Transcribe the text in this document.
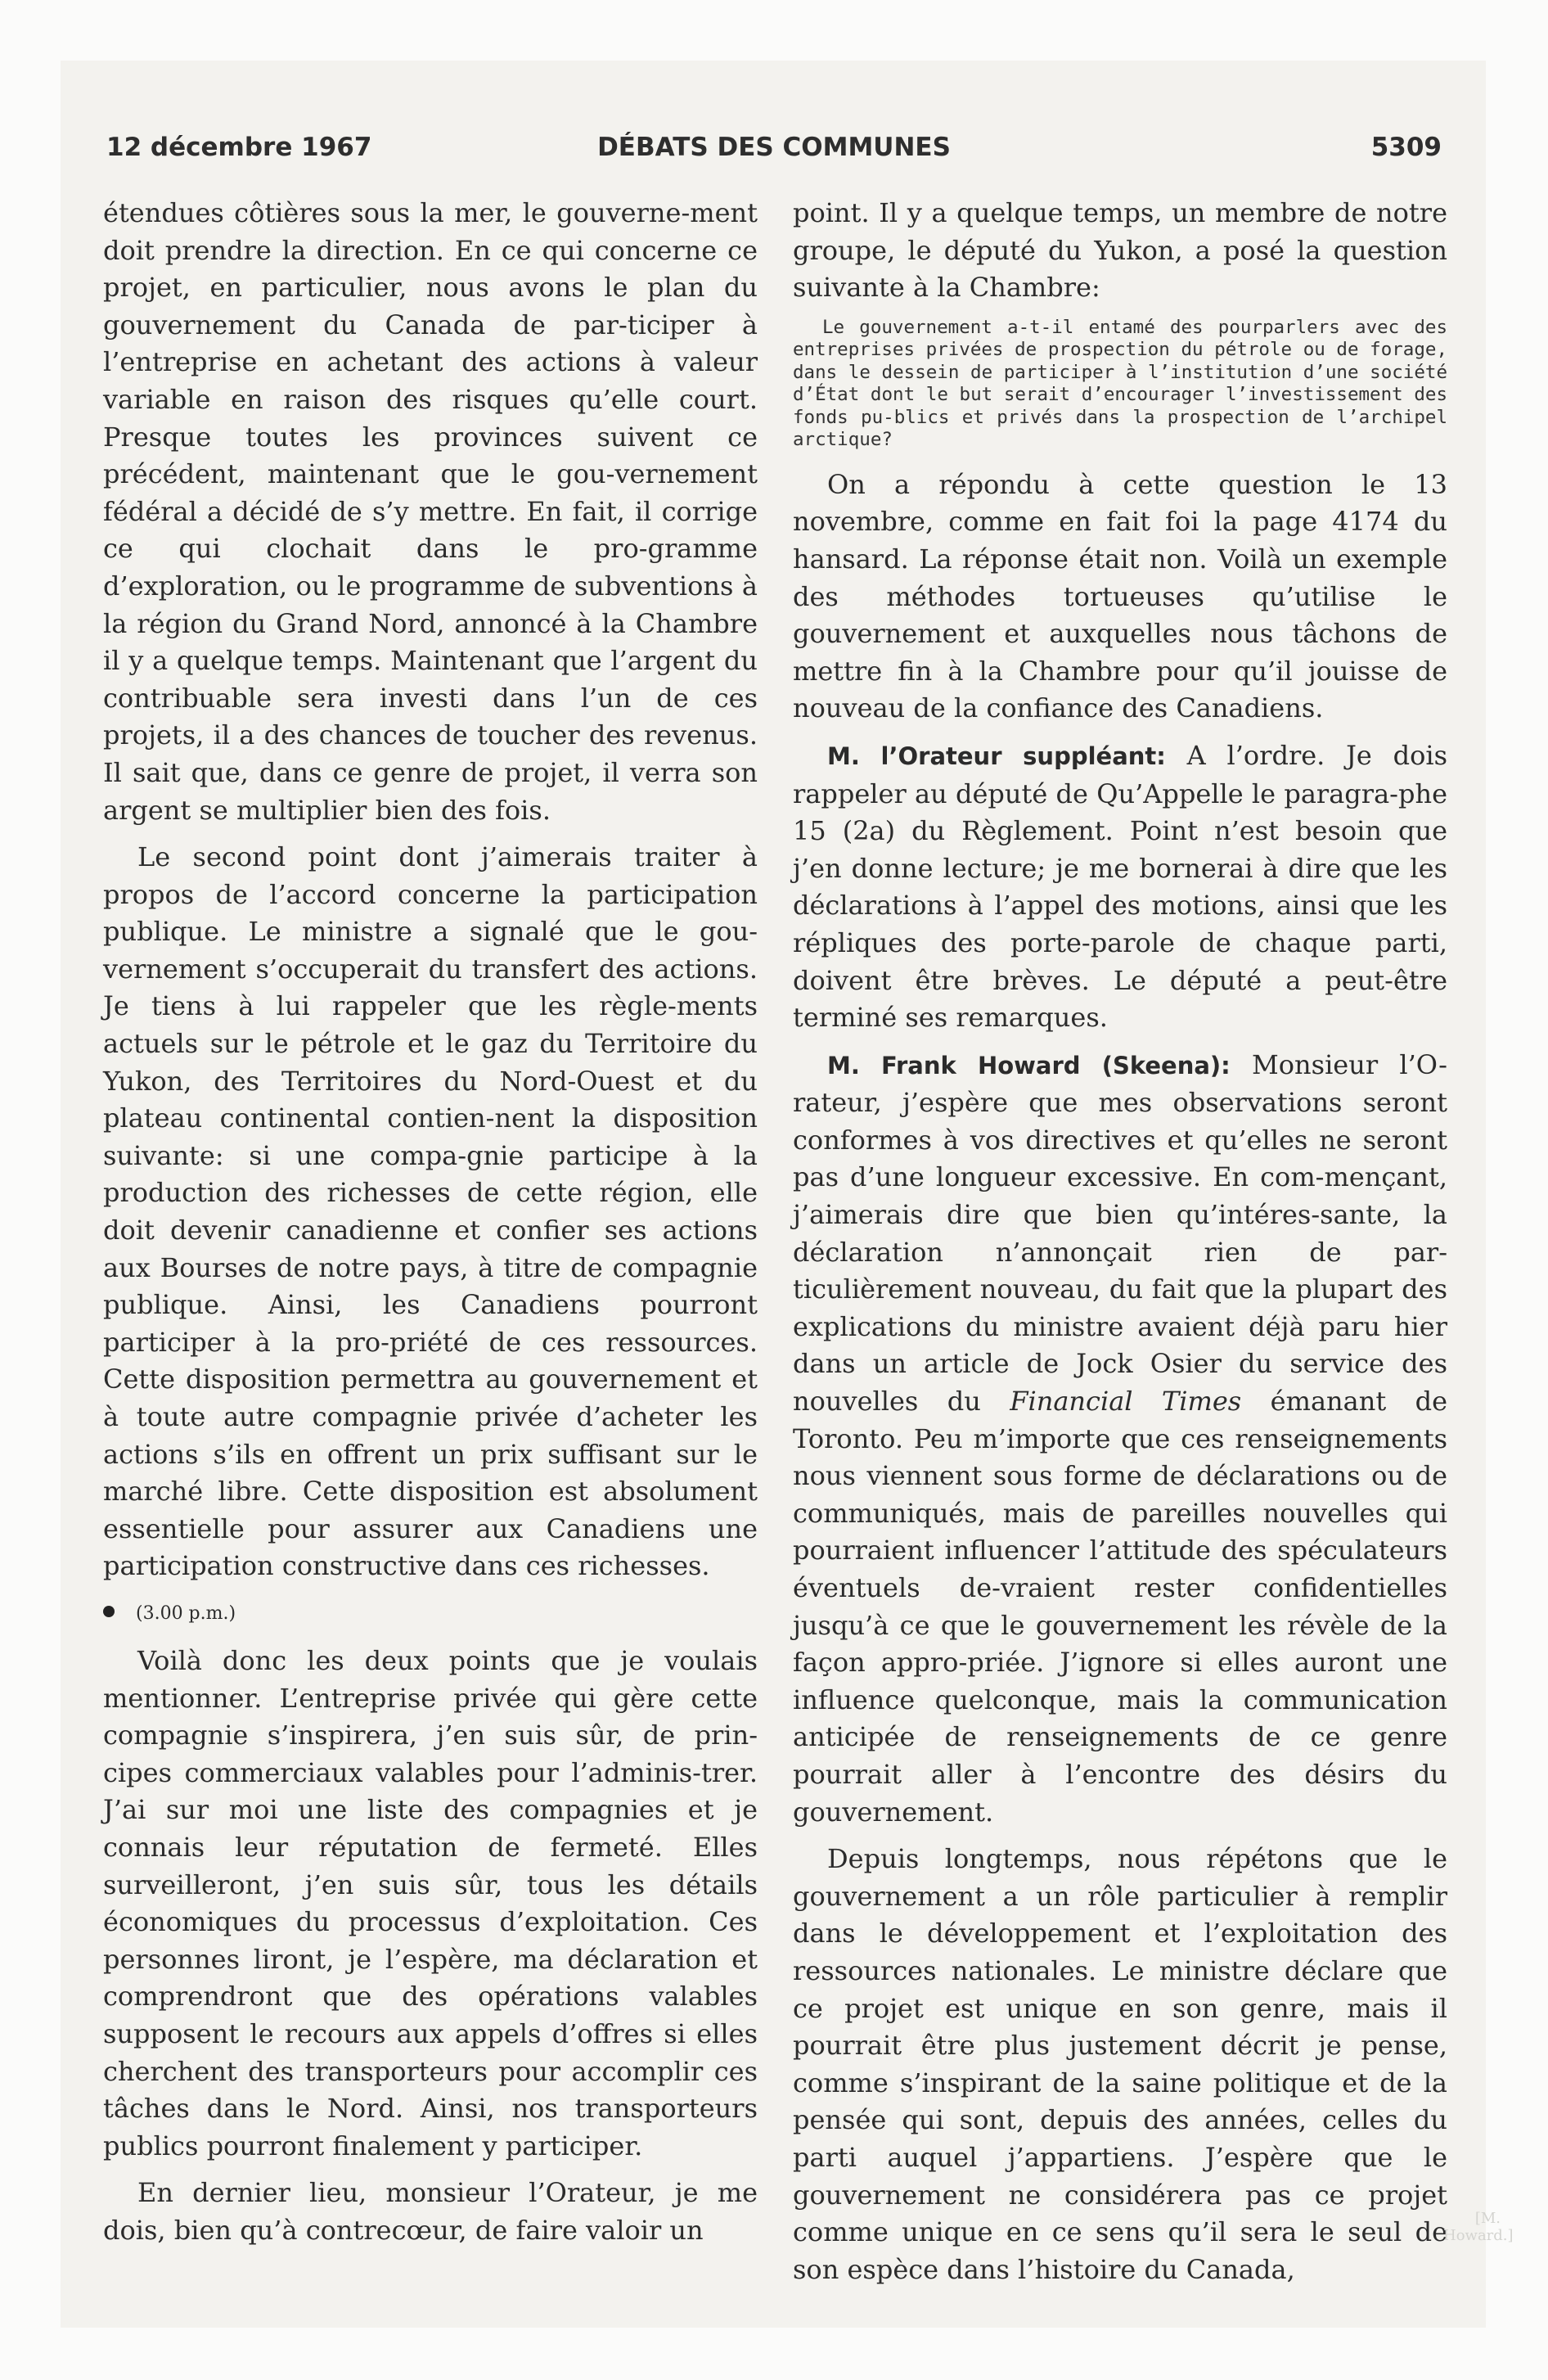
12 décembre 1967	DÉBATS DES COMMUNES	5309

étendues côtières sous la mer, le gouverne-ment doit prendre la direction. En ce qui concerne ce projet, en particulier, nous avons le plan du gouvernement du Canada de par-ticiper à l’entreprise en achetant des actions à valeur variable en raison des risques qu’elle court. Presque toutes les provinces suivent ce précédent, maintenant que le gou-vernement fédéral a décidé de s’y mettre. En fait, il corrige ce qui clochait dans le pro-gramme d’exploration, ou le programme de subventions à la région du Grand Nord, annoncé à la Chambre il y a quelque temps. Maintenant que l’argent du contribuable sera investi dans l’un de ces projets, il a des chances de toucher des revenus. Il sait que, dans ce genre de projet, il verra son argent se multiplier bien des fois.

Le second point dont j’aimerais traiter à propos de l’accord concerne la participation publique. Le ministre a signalé que le gou-vernement s’occuperait du transfert des actions. Je tiens à lui rappeler que les règle-ments actuels sur le pétrole et le gaz du Territoire du Yukon, des Territoires du Nord-Ouest et du plateau continental contien-nent la disposition suivante: si une compa-gnie participe à la production des richesses de cette région, elle doit devenir canadienne et confier ses actions aux Bourses de notre pays, à titre de compagnie publique. Ainsi, les Canadiens pourront participer à la pro-priété de ces ressources. Cette disposition permettra au gouvernement et à toute autre compagnie privée d’acheter les actions s’ils en offrent un prix suffisant sur le marché libre. Cette disposition est absolument essentielle pour assurer aux Canadiens une participation constructive dans ces richesses.

(3.00 p.m.)

Voilà donc les deux points que je voulais mentionner. L’entreprise privée qui gère cette compagnie s’inspirera, j’en suis sûr, de prin-cipes commerciaux valables pour l’adminis-trer. J’ai sur moi une liste des compagnies et je connais leur réputation de fermeté. Elles surveilleront, j’en suis sûr, tous les détails économiques du processus d’exploitation. Ces personnes liront, je l’espère, ma déclaration et comprendront que des opérations valables supposent le recours aux appels d’offres si elles cherchent des transporteurs pour accomplir ces tâches dans le Nord. Ainsi, nos transporteurs publics pourront finalement y participer.

En dernier lieu, monsieur l’Orateur, je me dois, bien qu’à contrecœur, de faire valoir un

point. Il y a quelque temps, un membre de notre groupe, le député du Yukon, a posé la question suivante à la Chambre:

Le gouvernement a-t-il entamé des pourparlers avec des entreprises privées de prospection du pétrole ou de forage, dans le dessein de participer à l’institution d’une société d’État dont le but serait d’encourager l’investissement des fonds pu-blics et privés dans la prospection de l’archipel arctique?

On a répondu à cette question le 13 novembre, comme en fait foi la page 4174 du hansard. La réponse était non. Voilà un exemple des méthodes tortueuses qu’utilise le gouvernement et auxquelles nous tâchons de mettre fin à la Chambre pour qu’il jouisse de nouveau de la confiance des Canadiens.

M. l’Orateur suppléant: A l’ordre. Je dois rappeler au député de Qu’Appelle le paragra-phe 15 (2a) du Règlement. Point n’est besoin que j’en donne lecture; je me bornerai à dire que les déclarations à l’appel des motions, ainsi que les répliques des porte-parole de chaque parti, doivent être brèves. Le député a peut-être terminé ses remarques.

M. Frank Howard (Skeena): Monsieur l’O-rateur, j’espère que mes observations seront conformes à vos directives et qu’elles ne seront pas d’une longueur excessive. En com-mençant, j’aimerais dire que bien qu’intéres-sante, la déclaration n’annonçait rien de par-ticulièrement nouveau, du fait que la plupart des explications du ministre avaient déjà paru hier dans un article de Jock Osier du service des nouvelles du Financial Times émanant de Toronto. Peu m’importe que ces renseignements nous viennent sous forme de déclarations ou de communiqués, mais de pareilles nouvelles qui pourraient influencer l’attitude des spéculateurs éventuels de-vraient rester confidentielles jusqu’à ce que le gouvernement les révèle de la façon appro-priée. J’ignore si elles auront une influence quelconque, mais la communication anticipée de renseignements de ce genre pourrait aller à l’encontre des désirs du gouvernement.

Depuis longtemps, nous répétons que le gouvernement a un rôle particulier à remplir dans le développement et l’exploitation des ressources nationales. Le ministre déclare que ce projet est unique en son genre, mais il pourrait être plus justement décrit je pense, comme s’inspirant de la saine politique et de la pensée qui sont, depuis des années, celles du parti auquel j’appartiens. J’espère que le gouvernement ne considérera pas ce projet comme unique en ce sens qu’il sera le seul de son espèce dans l’histoire du Canada,

[M. Howard.]
